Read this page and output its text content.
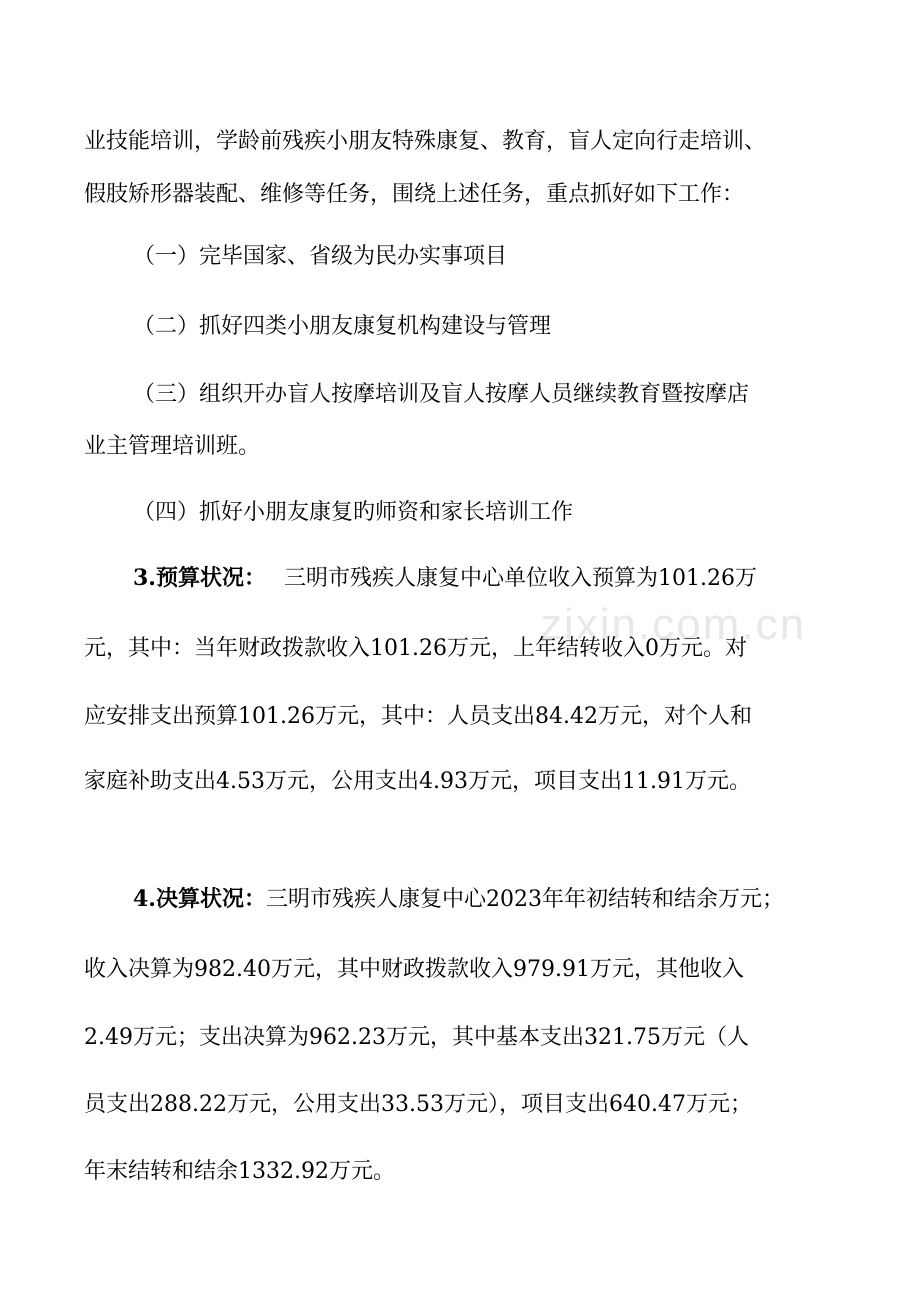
zixin.com.cn
业技能培训，学龄前残疾小朋友特殊康复、教育，盲人定向行走培训、
假肢矫形器装配、维修等任务，围绕上述任务，重点抓好如下工作：
（一）完毕国家、省级为民办实事项目
（二）抓好四类小朋友康复机构建设与管理
（三）组织开办盲人按摩培训及盲人按摩人员继续教育暨按摩店
业主管理培训班。
（四）抓好小朋友康复旳师资和家长培训工作
3.预算状况： 三明市残疾人康复中心单位收入预算为101.26万
元，其中：当年财政拨款收入101.26万元，上年结转收入0万元。对
应安排支出预算101.26万元，其中：人员支出84.42万元，对个人和
家庭补助支出4.53万元，公用支出4.93万元，项目支出11.91万元。
4.决算状况：三明市残疾人康复中心2023年年初结转和结余万元；
收入决算为982.40万元，其中财政拨款收入979.91万元，其他收入
2.49万元；支出决算为962.23万元，其中基本支出321.75万元（人
员支出288.22万元，公用支出33.53万元），项目支出640.47万元；
年末结转和结余1332.92万元。
